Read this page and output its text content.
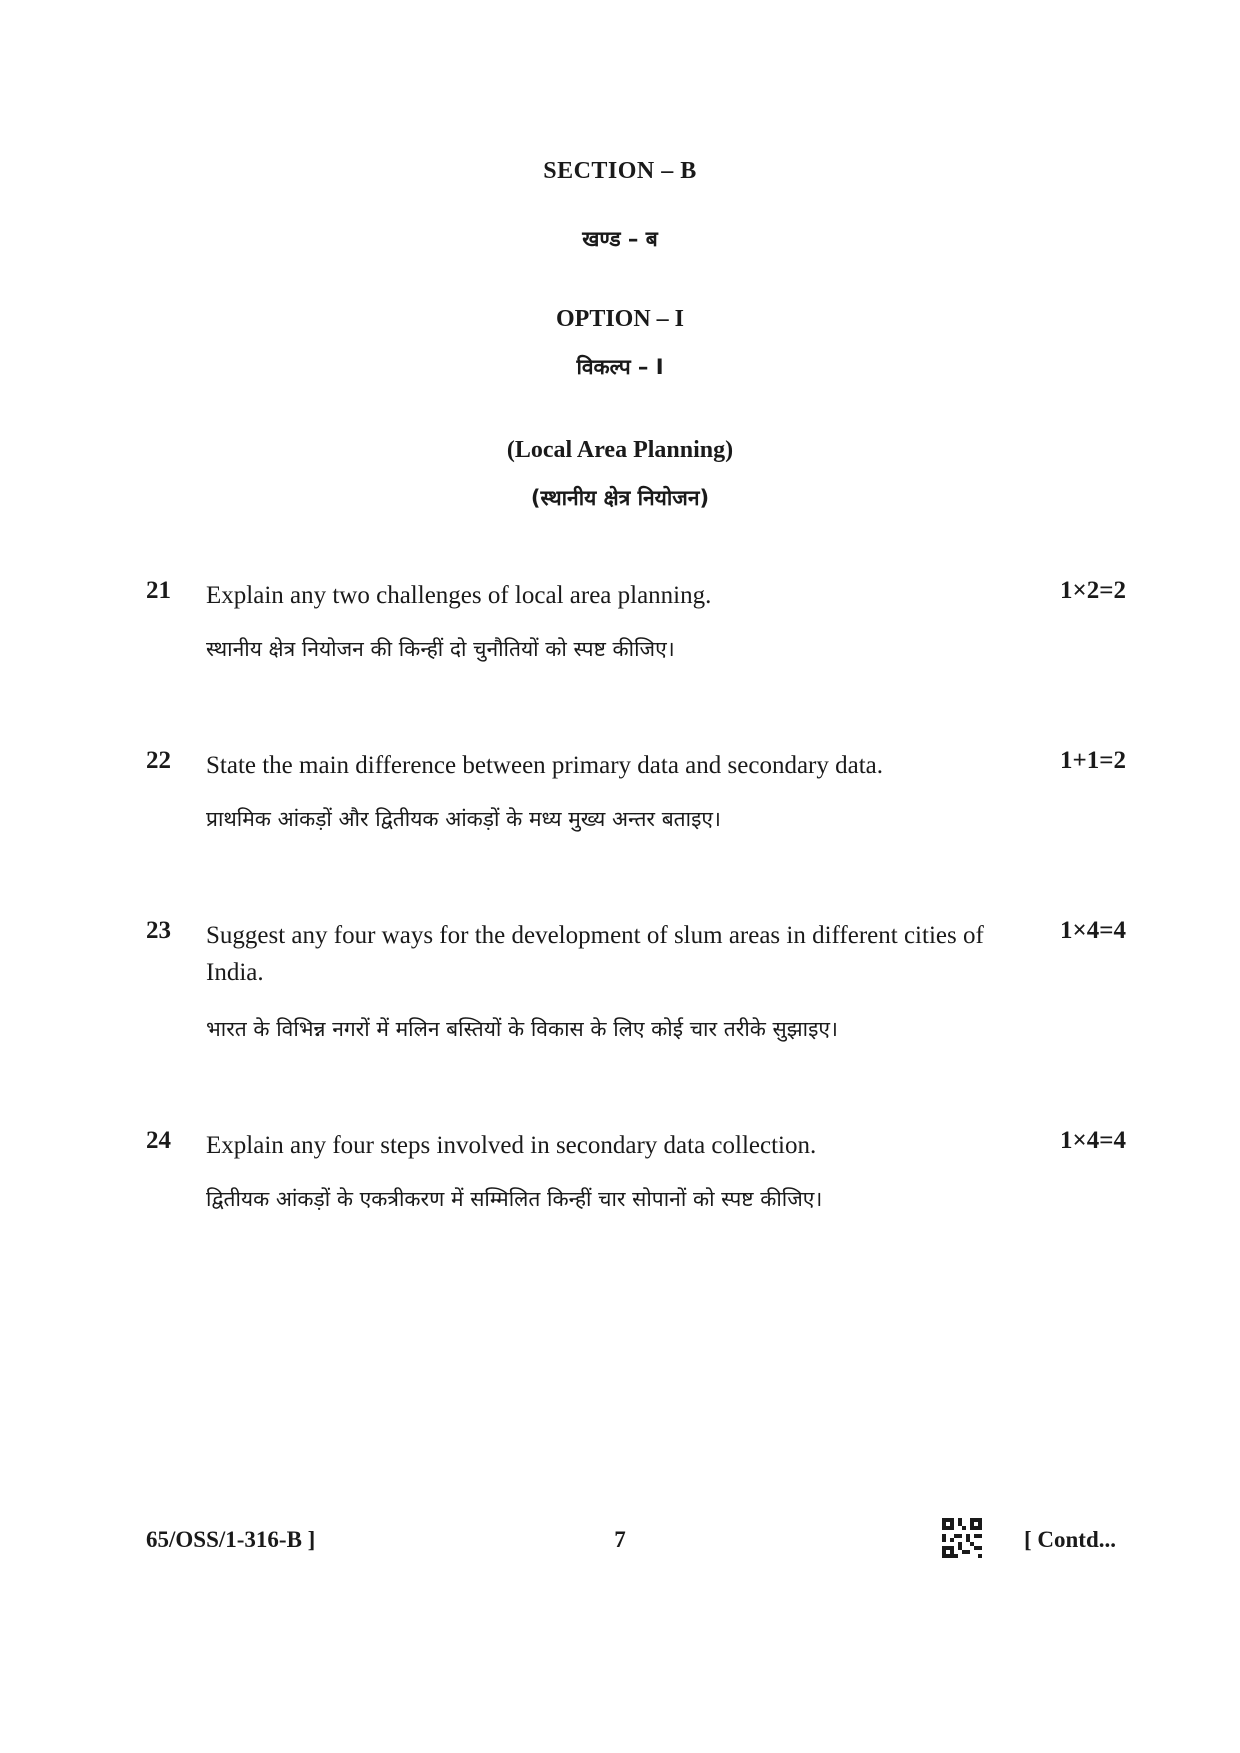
SECTION – B
खण्ड – ब
OPTION – I
विकल्प – I
(Local Area Planning)
(स्थानीय क्षेत्र नियोजन)
21 Explain any two challenges of local area planning.	1×2=2
स्थानीय क्षेत्र नियोजन की किन्हीं दो चुनौतियों को स्पष्ट कीजिए।
22 State the main difference between primary data and secondary data.	1+1=2
प्राथमिक आंकड़ों और द्वितीयक आंकड़ों के मध्य मुख्य अन्तर बताइए।
23 Suggest any four ways for the development of slum areas in different cities of India.
1×4=4
भारत के विभिन्न नगरों में मलिन बस्तियों के विकास के लिए कोई चार तरीके सुझाइए।
24 Explain any four steps involved in secondary data collection.	1×4=4
द्वितीयक आंकड़ों के एकत्रीकरण में सम्मिलित किन्हीं चार सोपानों को स्पष्ट कीजिए।
65/OSS/1-316-B ]	7	[ Contd...
